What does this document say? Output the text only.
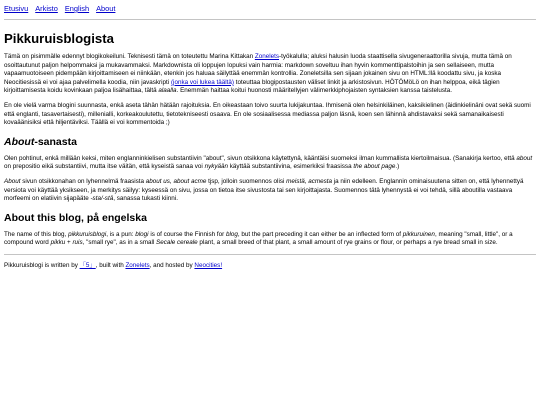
Etusivu Arkisto English About
Pikkuruisblogista

Tämä on pisimmälle edennyt blogikokeiluni. Teknisesti tämä on toteutettu Marina Kittakan Zonelets-työkalulla; aluksi halusin luoda staattisella sivugeneraattorilla sivuja, mutta tämä on osoittautunut paljon helpommaksi ja mukavammaksi. Markdownista oli loppujen lopuksi vain harmia: markdown soveltuu ihan hyvin kommenttipalstoihin ja sen sellaiseen, mutta vapaamuotoiseen pidempään kirjoittamiseen ei niinkään, etenkin jos haluaa säilyttää enemmän kontrollia. Zoneletsilla sen sijaan jokainen sivu on HTML:llä koodattu sivu, ja koska Neocitiesissä ei voi ajaa palvelimella koodia, niin javaskripti (jonka voi lukea täältä) toteuttaa blogipostausten väliset linkit ja arkistosivun. HÖTÖMöLö on ihan helppoa, eikä tägien kirjoittamisesta koidu kovinkaan paljoa lisähaittaa, tältä alaalla. Enemmän haittaa koitui huonosti määritellyjen välimerkkiphojaisten syntaksien kanssa taistelusta.

En ole vielä varma blogini suunnasta, enkä aseta tähän hätään rajoituksia. En oikeastaan toivo suurta lukijakuntaa. Ihmisenä olen helsinkiläinen, kaksikielinen (äidinkielinäni ovat sekä suomi että englanti, tasavertaisesti), millenialli, korkeakoulutettu, tietotekniseesti osaava. En ole sosiaalisessa mediassa paljon läsnä, koen sen lähinnä ahdistavaksi sekä samanaikaisesti kovaäänisiksi että hiljentäviksi. Täällä ei voi kommentoida ;)

About-sanasta

Olen pohtinut, enkä millään keksi, miten englanninkielisen substantiivin "about", sivun otsikkona käytettynä, kääntäisi suomeksi ilman kummallista kiertoilmaisua. (Sanakirja kertoo, että about on prepositio eikä substantiivi, mutta itse väitän, että kyseistä sanaa voi nykyään käyttää substantiivina, esimerkiksi fraasissa the about page.)

About sivun otsikkonahan on lyhennelmä fraasista about us, about acme tjsp, jolloin suomennos olisi meistä, acmesta ja niin edelleen. Englannin ominaisuutena sitten on, että lyhennettyä versiota voi käyttää yksikseen, ja merkitys säilyy: kyseessä on sivu, jossa on tietoa itse sivustosta tai sen kirjoittajasta. Suomennos tätä lyhennystä ei voi tehdä, sillä aboutilla vastaava morfeemi on elatiivin sijapääte -sta/-stä, sanassa tukasti kiinni.

About this blog, på engelska

The name of this blog, pikkuruisblogi, is a pun: blogi is of course the Finnish for blog, but the part preceding it can either be an inflected form of pikkuruinen, meaning "small, little", or a compound word pikku + ruis, "small rye", as in a small Secale cereale plant, a small breed of that plant, a small amount of rye grains or flour, or perhaps a rye bread small in size.

Pikkuruisblogi is written by 「5」, built with Zonelets, and hosted by Neocities!
